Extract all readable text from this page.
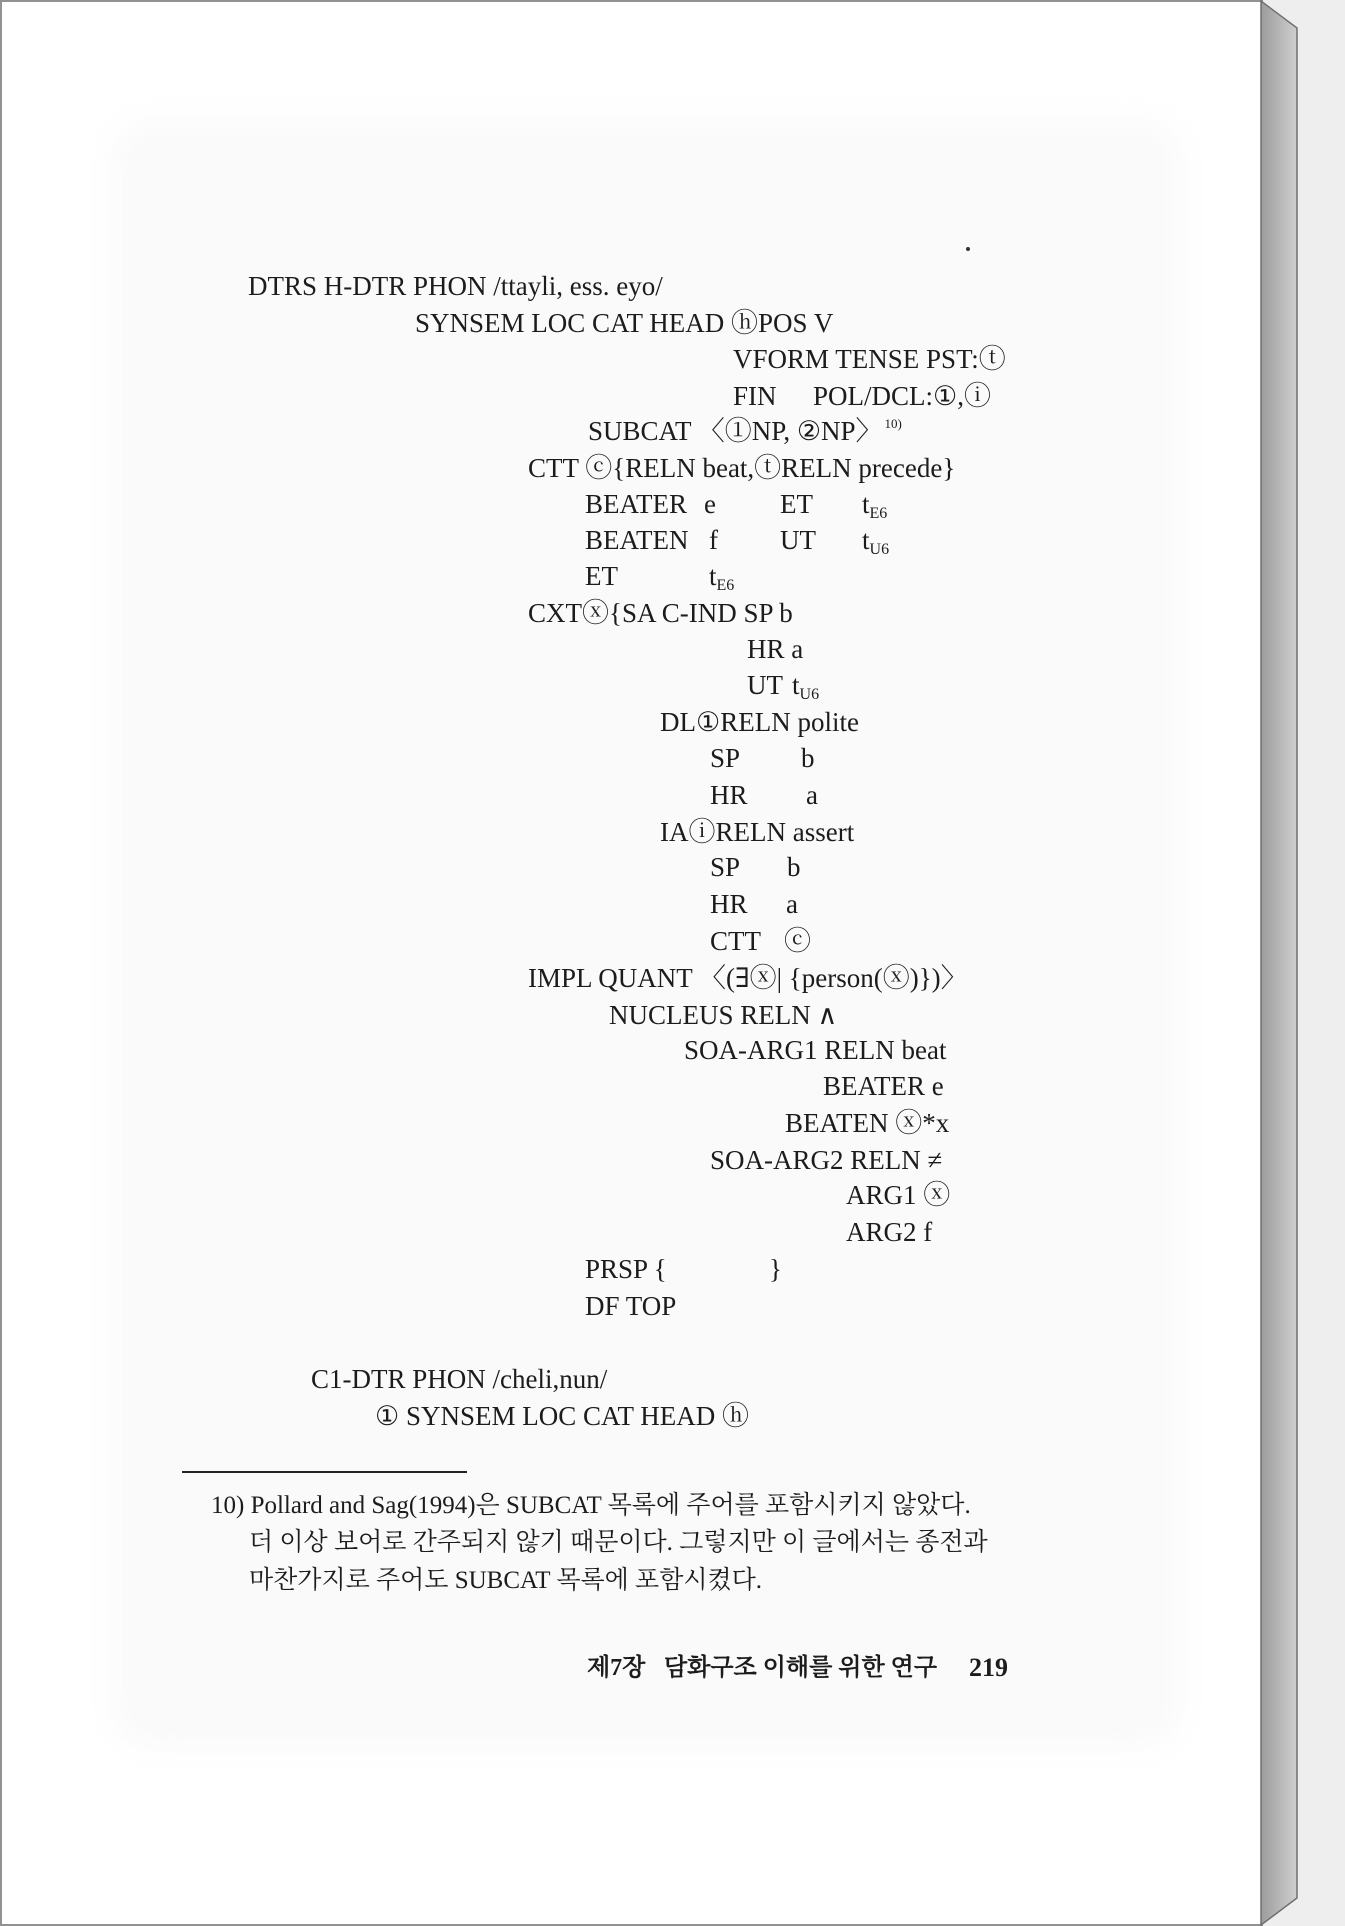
DTRS H-DTR PHON /ttayli, ess. eyo/
SYNSEM LOC CAT HEAD ⓗPOS V
VFORM TENSE PST:ⓣ
FIN POL/DCL:①,ⓘ
SUBCAT 〈①NP, ②NP〉 $^{10)}$
CTT ⓒ{RELN beat,ⓣRELN precede}
BEATER e ET tE6
BEATEN f UT tU6
ET	tE6
CXTⓧ{SA C-IND SP b
HR a
UT tU6
DL①RELN polite
SP b
HR a
IAⓘRELN assert
SP b
HR a
CTT ⓒ
IMPL QUANT 〈(∃ⓧ| {person(ⓧ)})〉
NUCLEUS RELN ∧
SOA-ARG1 RELN beat
BEATER e
BEATEN ⓧ*x
SOA-ARG2 RELN ≠
ARG1 ⓧ
ARG2 f
PRSP {	}
DF TOP
C1-DTR PHON /cheli,nun/
① SYNSEM LOC CAT HEAD ⓗ
10) Pollard and Sag(1994)은 SUBCAT 목록에 주어를 포함시키지 않았다.
더 이상 보어로 간주되지 않기 때문이다. 그렇지만 이 글에서는 종전과
마찬가지로 주어도 SUBCAT 목록에 포함시켰다.
제7장 담화구조 이해를 위한 연구 219
